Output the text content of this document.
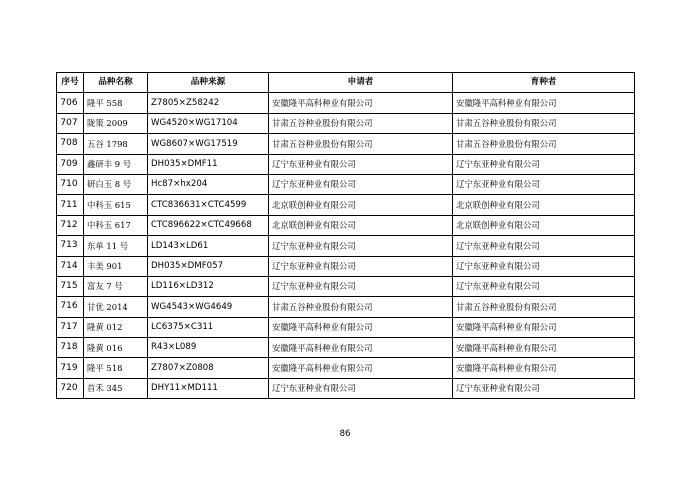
序号	品种名称	品种来源	申请者	育种者
706	隆平 558	Z7805×Z58242	安徽隆平高科种业有限公司	安徽隆平高科种业有限公司
707	陇策 2009	WG4520×WG17104	甘肃五谷种业股份有限公司	甘肃五谷种业股份有限公司
708	五谷 1798	WG8607×WG17519	甘肃五谷种业股份有限公司	甘肃五谷种业股份有限公司
709	鑫研丰 9 号	DH035×DMF11	辽宁东亚种业有限公司	辽宁东亚种业有限公司
710	研白玉 8 号	Hc87×hx204	辽宁东亚种业有限公司	辽宁东亚种业有限公司
711	中科玉 615	CTC836631×CTC4599	北京联创种业有限公司	北京联创种业有限公司
712	中科玉 617	CTC896622×CTC49668	北京联创种业有限公司	北京联创种业有限公司
713	东单 11 号	LD143×LD61	辽宁东亚种业有限公司	辽宁东亚种业有限公司
714	丰美 901	DH035×DMF057	辽宁东亚种业有限公司	辽宁东亚种业有限公司
715	富友 7 号	LD116×LD312	辽宁东亚种业有限公司	辽宁东亚种业有限公司
716	甘优 2014	WG4543×WG4649	甘肃五谷种业股份有限公司	甘肃五谷种业股份有限公司
717	隆黄 012	LC6375×C311	安徽隆平高科种业有限公司	安徽隆平高科种业有限公司
718	隆黄 016	R43×L089	安徽隆平高科种业有限公司	安徽隆平高科种业有限公司
719	隆平 518	Z7807×Z0808	安徽隆平高科种业有限公司	安徽隆平高科种业有限公司
720	首禾 345	DHY11×MD111	辽宁东亚种业有限公司	辽宁东亚种业有限公司
86
